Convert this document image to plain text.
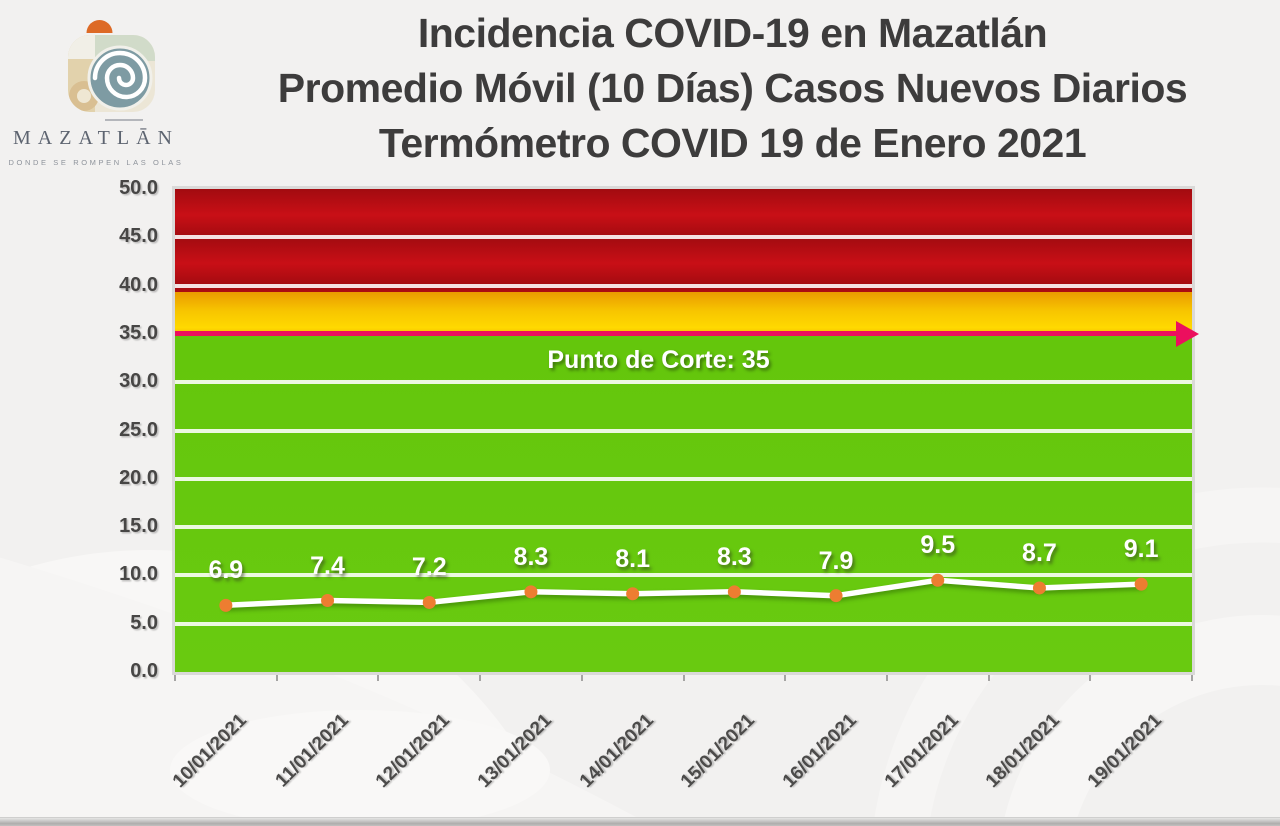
MAZATLĀN
DONDE SE ROMPEN LAS OLAS
Incidencia COVID-19 en Mazatlán
Promedio Móvil (10 Días) Casos Nuevos Diarios
Termómetro COVID 19 de Enero 2021
50.0
45.0
40.0
35.0
30.0
25.0
20.0
15.0
10.0
5.0
0.0
Punto de Corte: 35
6.9	7.4	7.2	8.3	8.1	8.3	7.9
9.5	8.7	9.1
10/01/2021 11/01/2021 12/01/2021 13/01/2021 14/01/2021 15/01/2021 16/01/2021 17/01/2021 18/01/2021 19/01/2021
